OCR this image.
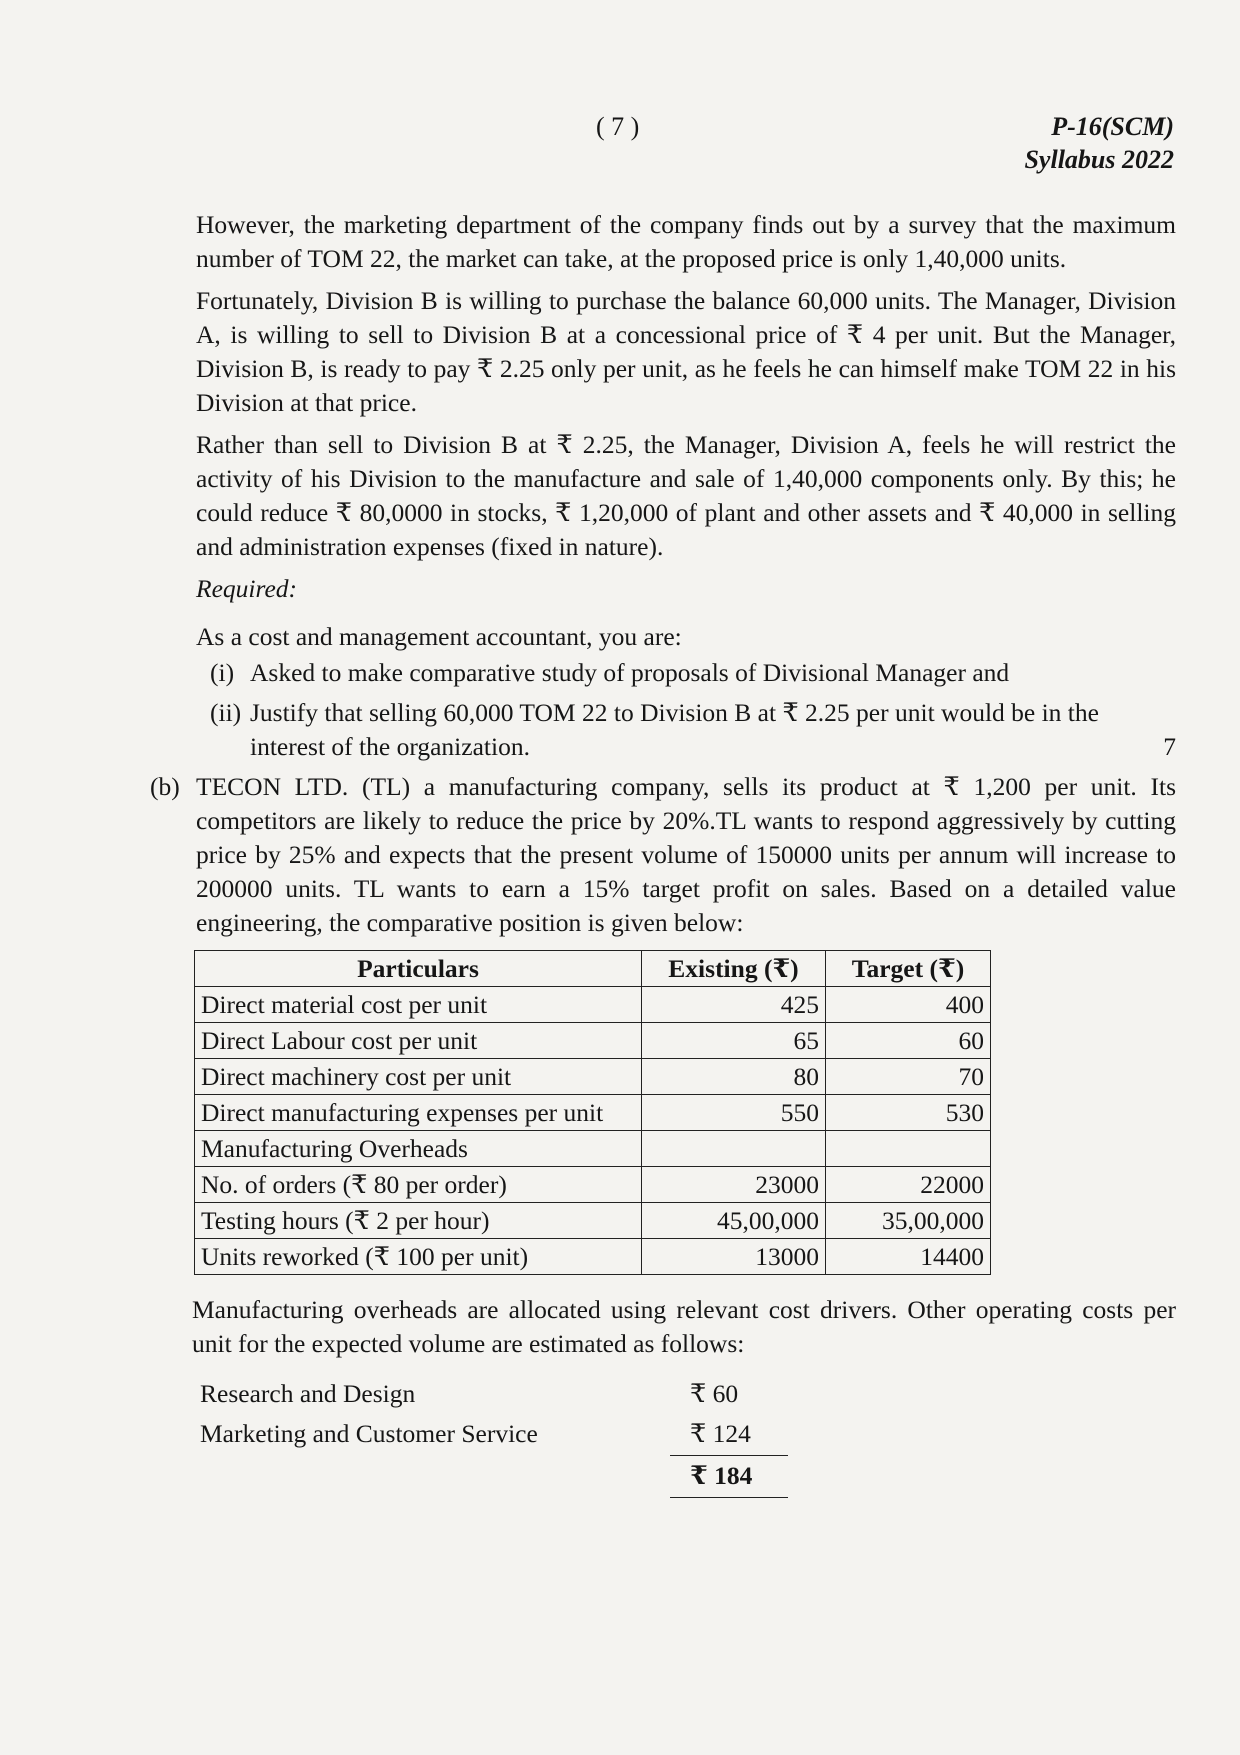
( 7 )	P-16(SCM)
Syllabus 2022

However, the marketing department of the company finds out by a survey that the maximum number of TOM 22, the market can take, at the proposed price is only 1,40,000 units.

Fortunately, Division B is willing to purchase the balance 60,000 units. The Manager, Division A, is willing to sell to Division B at a concessional price of ₹ 4 per unit. But the Manager, Division B, is ready to pay ₹ 2.25 only per unit, as he feels he can himself make TOM 22 in his Division at that price.

Rather than sell to Division B at ₹ 2.25, the Manager, Division A, feels he will restrict the activity of his Division to the manufacture and sale of 1,40,000 components only. By this; he could reduce ₹ 80,0000 in stocks, ₹ 1,20,000 of plant and other assets and ₹ 40,000 in selling and administration expenses (fixed in nature).

Required:
As a cost and management accountant, you are:
(i) Asked to make comparative study of proposals of Divisional Manager and
(ii) Justify that selling 60,000 TOM 22 to Division B at ₹ 2.25 per unit would be in the interest of the organization.	7
(b) TECON LTD. (TL) a manufacturing company, sells its product at ₹ 1,200 per unit. Its competitors are likely to reduce the price by 20%.TL wants to respond aggressively by cutting price by 25% and expects that the present volume of 150000 units per annum will increase to 200000 units. TL wants to earn a 15% target profit on sales. Based on a detailed value engineering, the comparative position is given below:
Particulars	Existing (₹)	Target (₹)
Direct material cost per unit	425	400
Direct Labour cost per unit	65	60
Direct machinery cost per unit	80	70
Direct manufacturing expenses per unit	550	530
Manufacturing Overheads		
No. of orders (₹ 80 per order)	23000	22000
Testing hours (₹ 2 per hour)	45,00,000	35,00,000
Units reworked (₹ 100 per unit)	13000	14400

Manufacturing overheads are allocated using relevant cost drivers. Other operating costs per unit for the expected volume are estimated as follows:

Research and Design	₹ 60
Marketing and Customer Service	₹ 124
₹ 184
